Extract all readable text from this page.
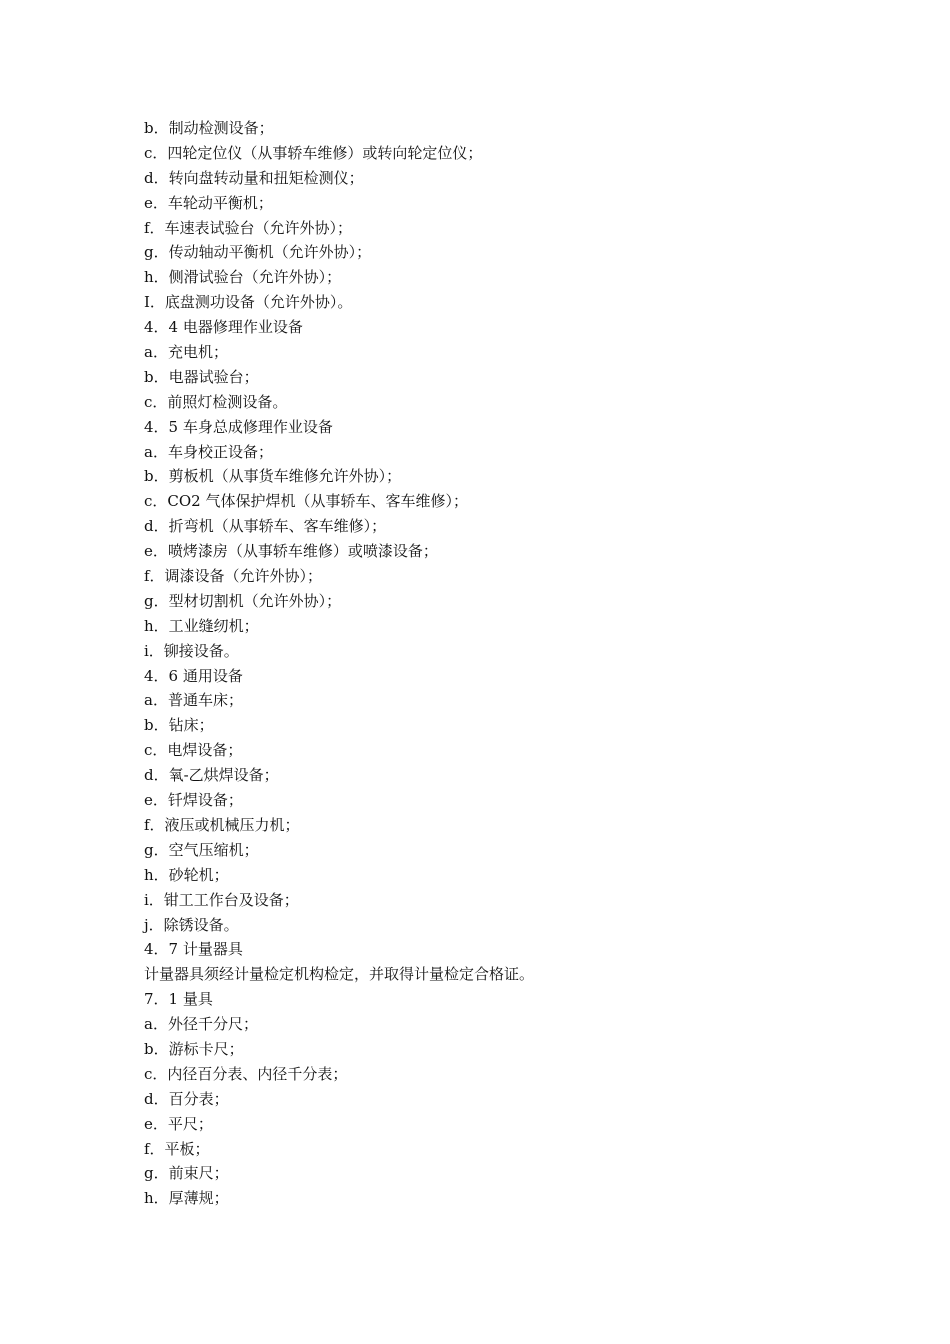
b．制动检测设备；
c．四轮定位仪（从事轿车维修）或转向轮定位仪；
d．转向盘转动量和扭矩检测仪；
e．车轮动平衡机；
f．车速表试验台（允许外协）；
g．传动轴动平衡机（允许外协）；
h．侧滑试验台（允许外协）；
I．底盘测功设备（允许外协）。
4．4 电器修理作业设备
a．充电机；
b．电器试验台；
c．前照灯检测设备。
4．5 车身总成修理作业设备
a．车身校正设备；
b．剪板机（从事货车维修允许外协）；
c．CO2 气体保护焊机（从事轿车、客车维修）；
d．折弯机（从事轿车、客车维修）；
e．喷烤漆房（从事轿车维修）或喷漆设备；
f．调漆设备（允许外协）；
g．型材切割机（允许外协）；
h．工业缝纫机；
i．铆接设备。
4．6 通用设备
a．普通车床；
b．钻床；
c．电焊设备；
d．氧-乙烘焊设备；
e．钎焊设备；
f．液压或机械压力机；
g．空气压缩机；
h．砂轮机；
i．钳工工作台及设备；
j．除锈设备。
4．7 计量器具
计量器具须经计量检定机构检定，并取得计量检定合格证。
7．1 量具
a．外径千分尺；
b．游标卡尺；
c．内径百分表、内径千分表；
d．百分表；
e．平尺；
f．平板；
g．前束尺；
h．厚薄规；
